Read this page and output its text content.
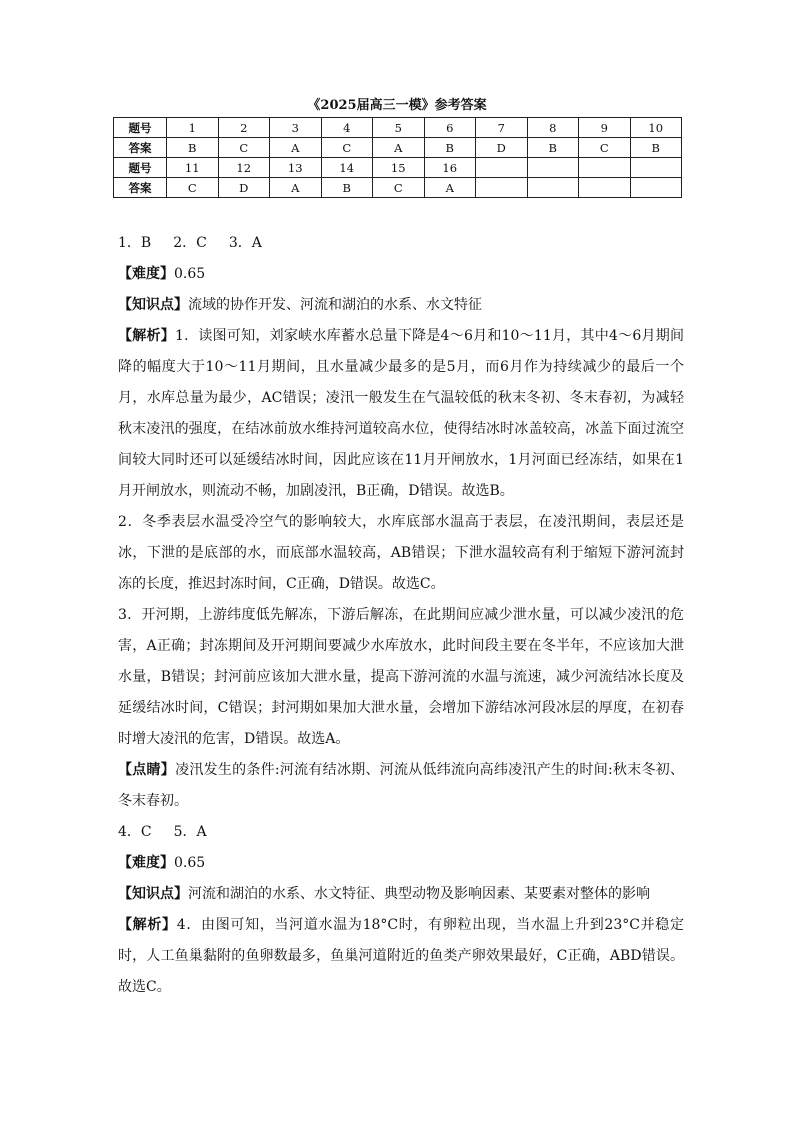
《2025届高三一模》参考答案
题号	1	2	3	4	5	6	7	8	9	10
答案	B	C	A	C	A	B	D	B	C	B
题号	11	12	13	14	15	16				
答案	C	D	A	B	C	A				

1．B 2．C 3．A

【难度】0.65

【知识点】流域的协作开发、河流和湖泊的水系、水文特征

【解析】1．读图可知，刘家峡水库蓄水总量下降是4～6月和10～11月，其中4～6月期间降的幅度大于10～11月期间，且水量减少最多的是5月，而6月作为持续减少的最后一个月，水库总量为最少，AC错误；凌汛一般发生在气温较低的秋末冬初、冬末春初，为减轻秋末凌汛的强度，在结冰前放水维持河道较高水位，使得结冰时冰盖较高，冰盖下面过流空间较大同时还可以延缓结冰时间，因此应该在11月开闸放水，1月河面已经冻结，如果在1月开闸放水，则流动不畅，加剧凌汛，B正确，D错误。故选B。

2．冬季表层水温受冷空气的影响较大，水库底部水温高于表层，在凌汛期间，表层还是冰，下泄的是底部的水，而底部水温较高，AB错误；下泄水温较高有利于缩短下游河流封冻的长度，推迟封冻时间，C正确，D错误。故选C。

3．开河期，上游纬度低先解冻，下游后解冻，在此期间应减少泄水量，可以减少凌汛的危害，A正确；封冻期间及开河期间要减少水库放水，此时间段主要在冬半年，不应该加大泄水量，B错误；封河前应该加大泄水量，提高下游河流的水温与流速，减少河流结冰长度及延缓结冰时间，C错误；封河期如果加大泄水量，会增加下游结冰河段冰层的厚度，在初春时增大凌汛的危害，D错误。故选A。

【点睛】凌汛发生的条件:河流有结冰期、河流从低纬流向高纬凌汛产生的时间:秋末冬初、冬末春初。

4．C 5．A

【难度】0.65

【知识点】河流和湖泊的水系、水文特征、典型动物及影响因素、某要素对整体的影响

【解析】4．由图可知，当河道水温为18°C时，有卵粒出现，当水温上升到23°C并稳定时，人工鱼巢黏附的鱼卵数最多，鱼巢河道附近的鱼类产卵效果最好，C正确，ABD错误。故选C。
